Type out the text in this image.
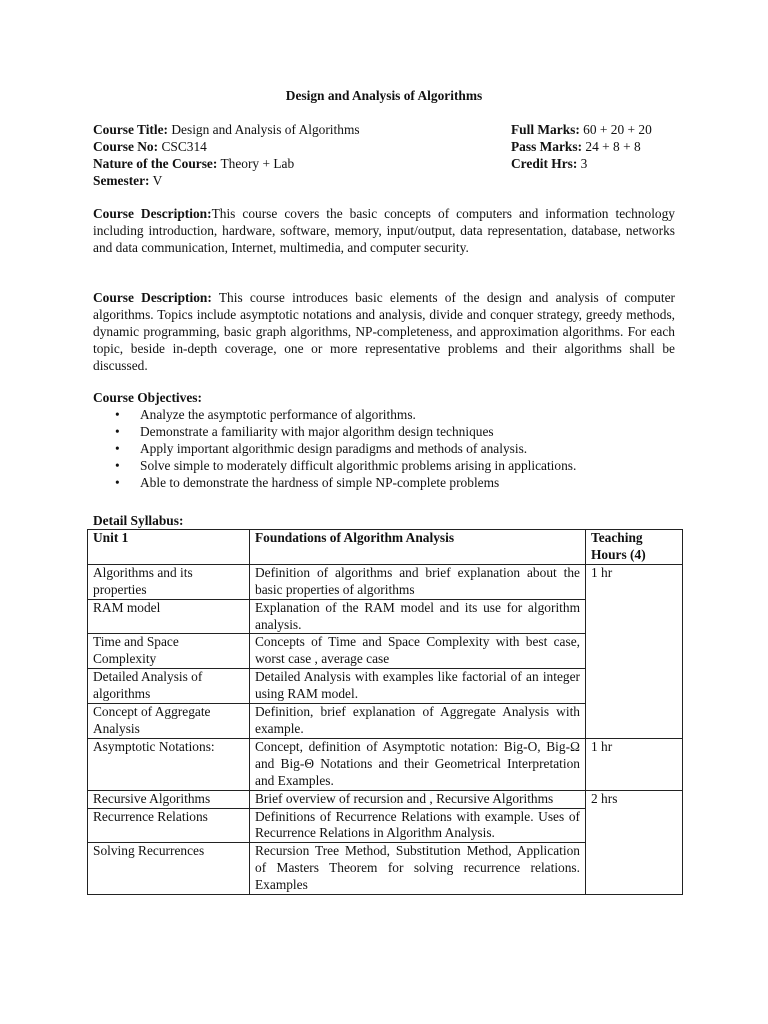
Design and Analysis of Algorithms
Course Title: Design and Analysis of Algorithms
Course No: CSC314
Nature of the Course: Theory + Lab
Semester: V
Full Marks: 60 + 20 + 20
Pass Marks: 24 + 8 + 8
Credit Hrs: 3

Course Description:This course covers the basic concepts of computers and information technology including introduction, hardware, software, memory, input/output, data representation, database, networks and data communication, Internet, multimedia, and computer security.

Course Description: This course introduces basic elements of the design and analysis of computer algorithms. Topics include asymptotic notations and analysis, divide and conquer strategy, greedy methods, dynamic programming, basic graph algorithms, NP-completeness, and approximation algorithms. For each topic, beside in-depth coverage, one or more representative problems and their algorithms shall be discussed.

Course Objectives:
• Analyze the asymptotic performance of algorithms.
• Demonstrate a familiarity with major algorithm design techniques
• Apply important algorithmic design paradigms and methods of analysis.
• Solve simple to moderately difficult algorithmic problems arising in applications.
• Able to demonstrate the hardness of simple NP-complete problems
Detail Syllabus:
Unit 1	Foundations of Algorithm Analysis	Teaching Hours (4)
Algorithms and its properties	Definition of algorithms and brief explanation about the basic properties of algorithms	1 hr
RAM model	Explanation of the RAM model and its use for algorithm analysis.	
Time and Space Complexity	Concepts of Time and Space Complexity with best case, worst case , average case	
Detailed Analysis of algorithms	Detailed Analysis with examples like factorial of an integer using RAM model.	
Concept of Aggregate Analysis	Definition, brief explanation of Aggregate Analysis with example.	
Asymptotic Notations:	Concept, definition of Asymptotic notation: Big-O, Big-Ω and Big-Θ Notations and their Geometrical Interpretation and Examples.	1 hr
Recursive Algorithms	Brief overview of recursion and , Recursive Algorithms	2 hrs
Recurrence Relations	Definitions of Recurrence Relations with example. Uses of Recurrence Relations in Algorithm Analysis.	
Solving Recurrences	Recursion Tree Method, Substitution Method, Application of Masters Theorem for solving recurrence relations. Examples	
